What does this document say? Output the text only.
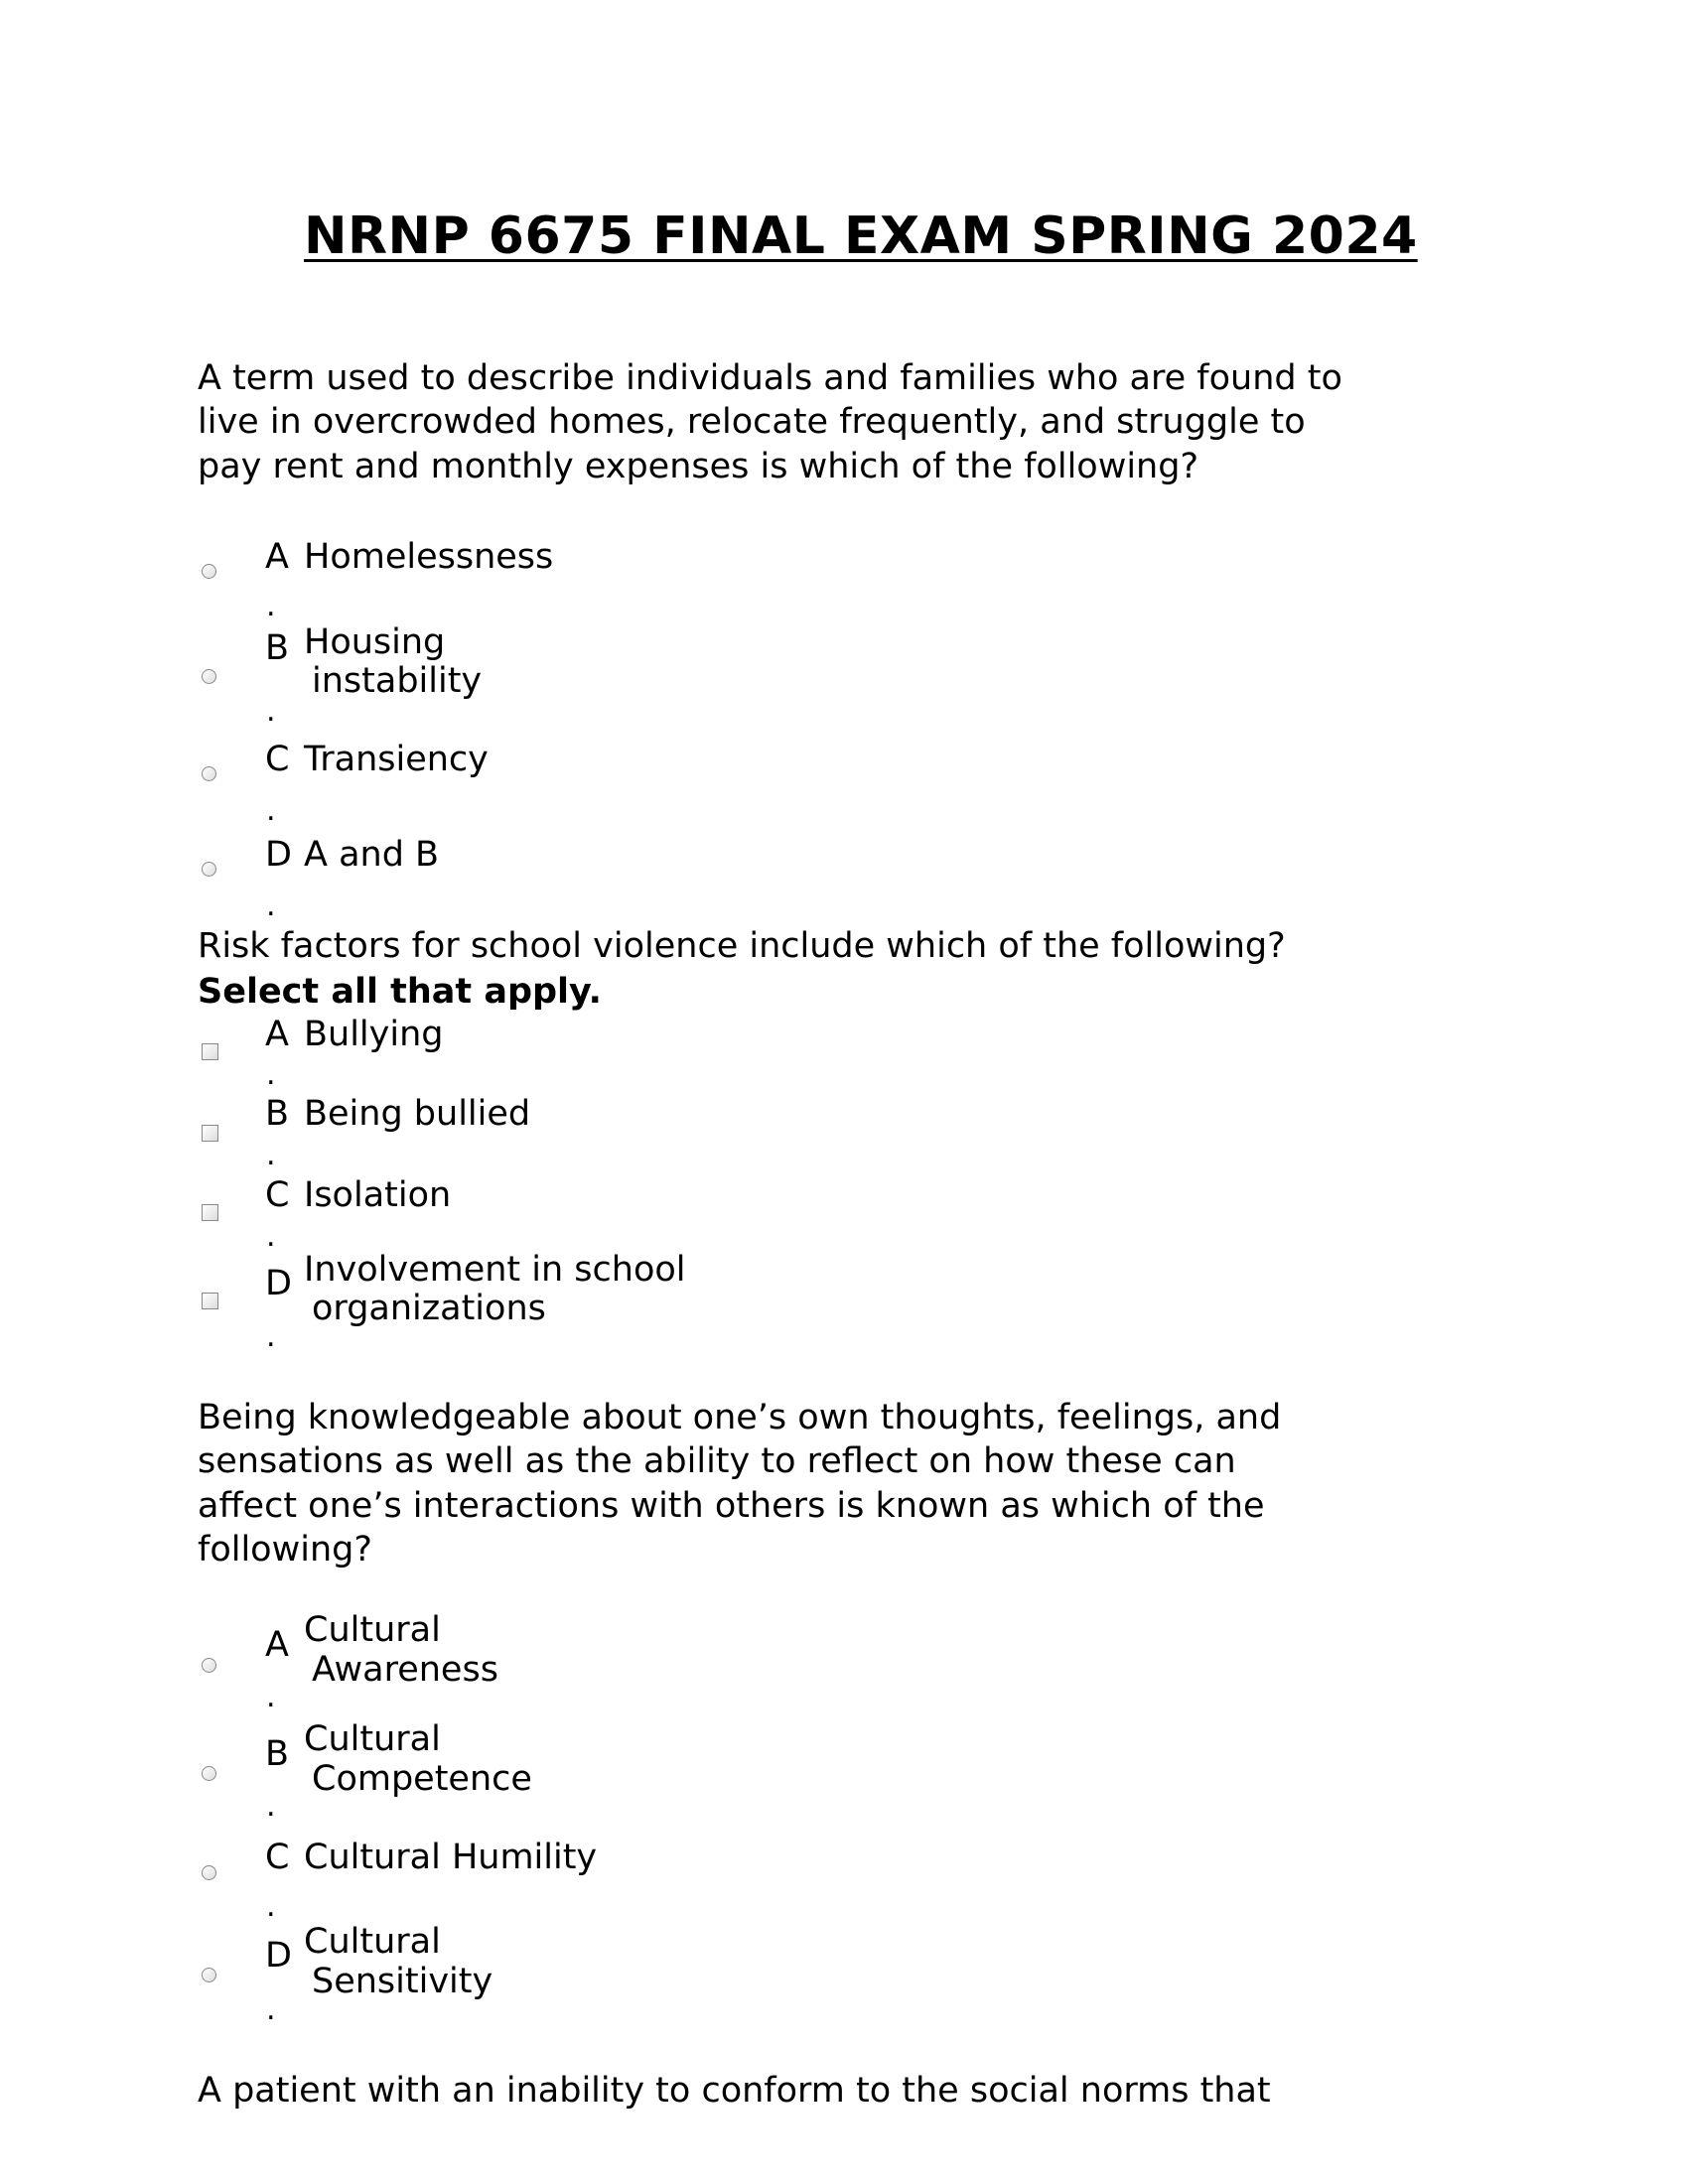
NRNP 6675 FINAL EXAM SPRING 2024
A term used to describe individuals and families who are found to
live in overcrowded homes, relocate frequently, and struggle to
pay rent and monthly expenses is which of the following?
A Homelessness
.
B Housing
instability
.
C Transiency
.
D A and B
.
Risk factors for school violence include which of the following?
Select all that apply.
A Bullying
.
B Being bullied
.
C Isolation
.
D Involvement in school
organizations
.
Being knowledgeable about one’s own thoughts, feelings, and
sensations as well as the ability to reflect on how these can
affect one’s interactions with others is known as which of the
following?
A Cultural
Awareness
.
B Cultural
Competence
.
C Cultural Humility
.
D Cultural
Sensitivity
.
A patient with an inability to conform to the social norms that
